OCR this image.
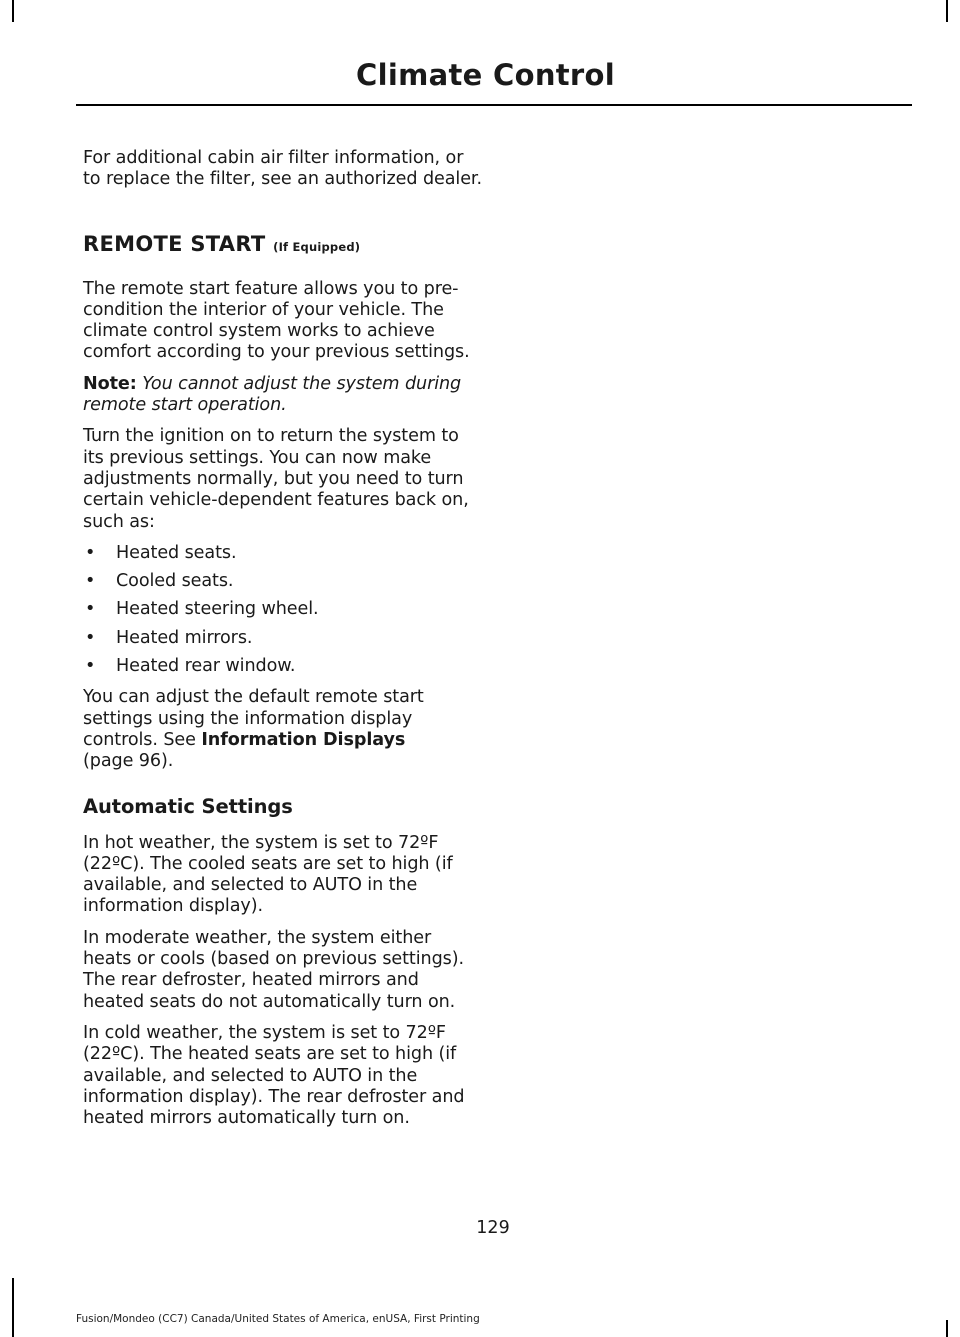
Climate Control

For additional cabin air filter information, or to replace the filter, see an authorized dealer.

REMOTE START (If Equipped)

The remote start feature allows you to pre-condition the interior of your vehicle. The climate control system works to achieve comfort according to your previous settings.

Note: You cannot adjust the system during remote start operation.

Turn the ignition on to return the system to its previous settings. You can now make adjustments normally, but you need to turn certain vehicle-dependent features back on, such as:

• Heated seats.
• Cooled seats.
• Heated steering wheel.
• Heated mirrors.
• Heated rear window.

You can adjust the default remote start settings using the information display controls. See Information Displays
(page 96).

Automatic Settings

In hot weather, the system is set to 72ºF (22ºC). The cooled seats are set to high (if available, and selected to AUTO in the information display).

In moderate weather, the system either heats or cools (based on previous settings). The rear defroster, heated mirrors and heated seats do not automatically turn on.

In cold weather, the system is set to 72ºF (22ºC). The heated seats are set to high (if available, and selected to AUTO in the information display). The rear defroster and heated mirrors automatically turn on.

129
Fusion/Mondeo (CC7) Canada/United States of America, enUSA, First Printing
